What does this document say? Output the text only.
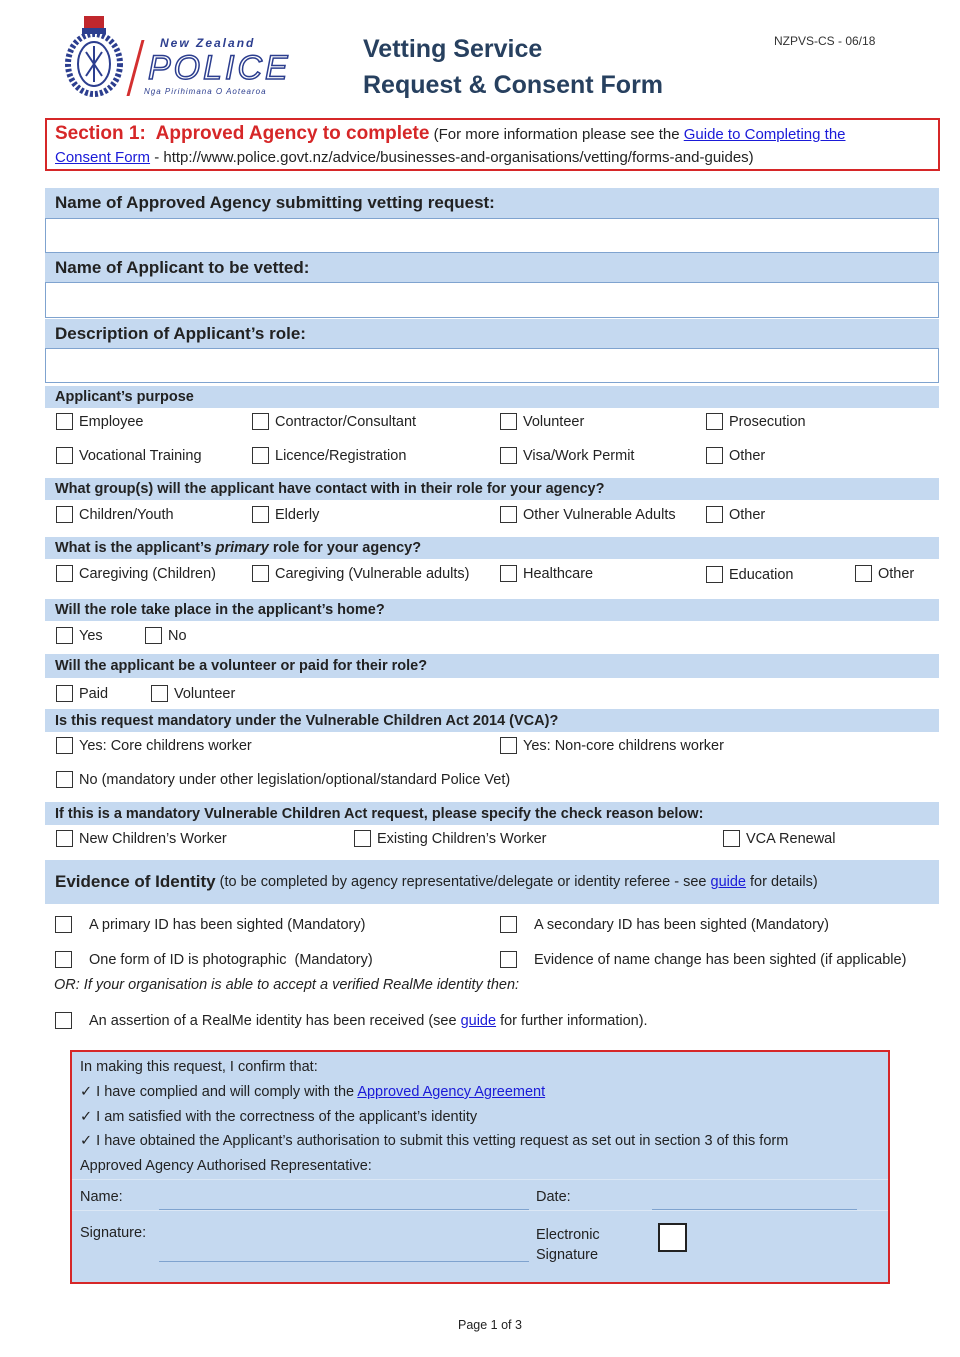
New Zealand
POLICE
Nga Pirihimana O Aotearoa
Vetting Service
Request & Consent Form
NZPVS-CS - 06/18
Section 1:  Approved Agency to complete (For more information please see the Guide to Completing the
Consent Form - http://www.police.govt.nz/advice/businesses-and-organisations/vetting/forms-and-guides)
Name of Approved Agency submitting vetting request:
Name of Applicant to be vetted:
Description of Applicant’s role:
Applicant’s purpose
Employee	Contractor/Consultant	Volunteer	Prosecution
Vocational Training	Licence/Registration	Visa/Work Permit	Other
What group(s) will the applicant have contact with in their role for your agency?
Children/Youth	Elderly	Other Vulnerable Adults	Other
What is the applicant’s primary role for your agency?
Caregiving (Children)	Caregiving (Vulnerable adults)	Healthcare	Education	Other
Will the role take place in the applicant’s home?
Yes	No
Will the applicant be a volunteer or paid for their role?
Paid	Volunteer
Is this request mandatory under the Vulnerable Children Act 2014 (VCA)?
Yes: Core childrens worker	Yes: Non-core childrens worker
No (mandatory under other legislation/optional/standard Police Vet)
If this is a mandatory Vulnerable Children Act request, please specify the check reason below:
New Children’s Worker	Existing Children’s Worker	VCA Renewal
Evidence of Identity (to be completed by agency representative/delegate or identity referee - see guide for details)
A primary ID has been sighted (Mandatory)	A secondary ID has been sighted (Mandatory)
One form of ID is photographic  (Mandatory)	Evidence of name change has been sighted (if applicable)
OR: If your organisation is able to accept a verified RealMe identity then:
An assertion of a RealMe identity has been received (see guide for further information).
In making this request, I confirm that:
✓ I have complied and will comply with the Approved Agency Agreement
✓ I am satisfied with the correctness of the applicant’s identity
✓ I have obtained the Applicant’s authorisation to submit this vetting request as set out in section 3 of this form
Approved Agency Authorised Representative:
Name:	Date:
Signature:	Electronic
Signature
Page 1 of 3
